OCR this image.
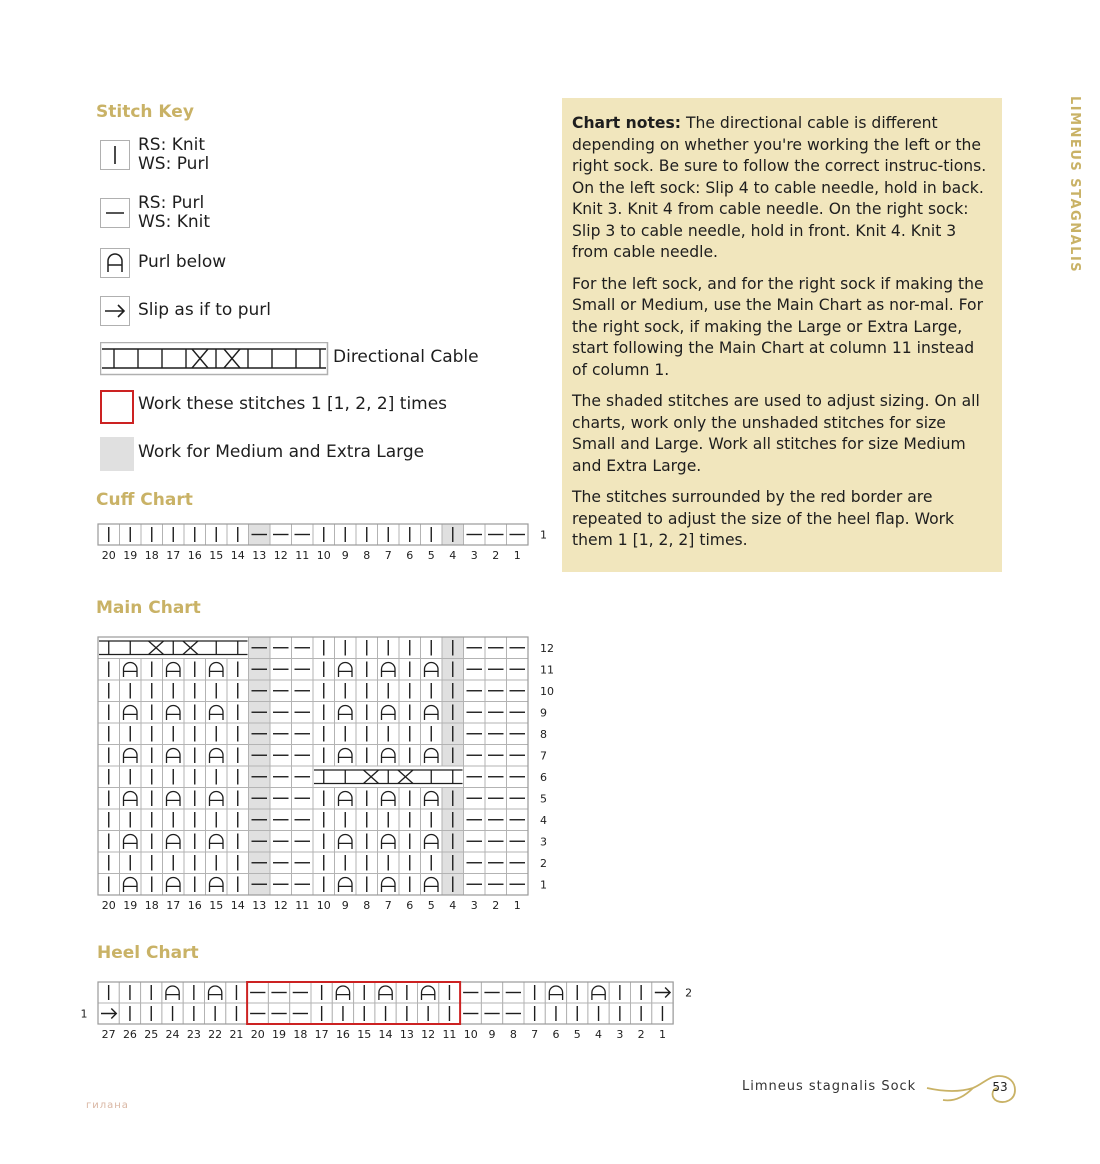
Stitch Key
RS: Knit
WS: Purl
RS: Purl
WS: Knit
Purl below
Slip as if to purl
Directional Cable
Work these stitches 1 [1, 2, 2] times
Work for Medium and Extra Large

Chart notes: The directional cable is different depending on whether you're working the left or the right sock. Be sure to follow the correct instruc-tions. On the left sock: Slip 4 to cable needle, hold in back. Knit 3. Knit 4 from cable needle. On the right sock: Slip 3 to cable needle, hold in front. Knit 4. Knit 3 from cable needle.

For the left sock, and for the right sock if making the Small or Medium, use the Main Chart as nor-mal. For the right sock, if making the Large or Extra Large, start following the Main Chart at column 11 instead of column 1.

The shaded stitches are used to adjust sizing. On all charts, work only the unshaded stitches for size Small and Large. Work all stitches for size Medium and Extra Large.

The stitches surrounded by the red border are repeated to adjust the size of the heel flap. Work them 1 [1, 2, 2] times.

LIMNEUS STAGNALIS
Cuff Chart
1
20 19 18 17 16 15 14 13 12 11 10 9 8 7 6 5 4 3 2 1
Main Chart
12
11
10
9
8
7
6
5
4
3
2
1
20 19 18 17 16 15 14 13 12 11 10 9 8 7 6 5 4 3 2 1
Heel Chart
2
1
27 26 25 24 23 22 21 20 19 18 17 16 15 14 13 12 11 10 9 8 7 6 5 4 3 2 1
Limneus stagnalis Sock	53
гилана
